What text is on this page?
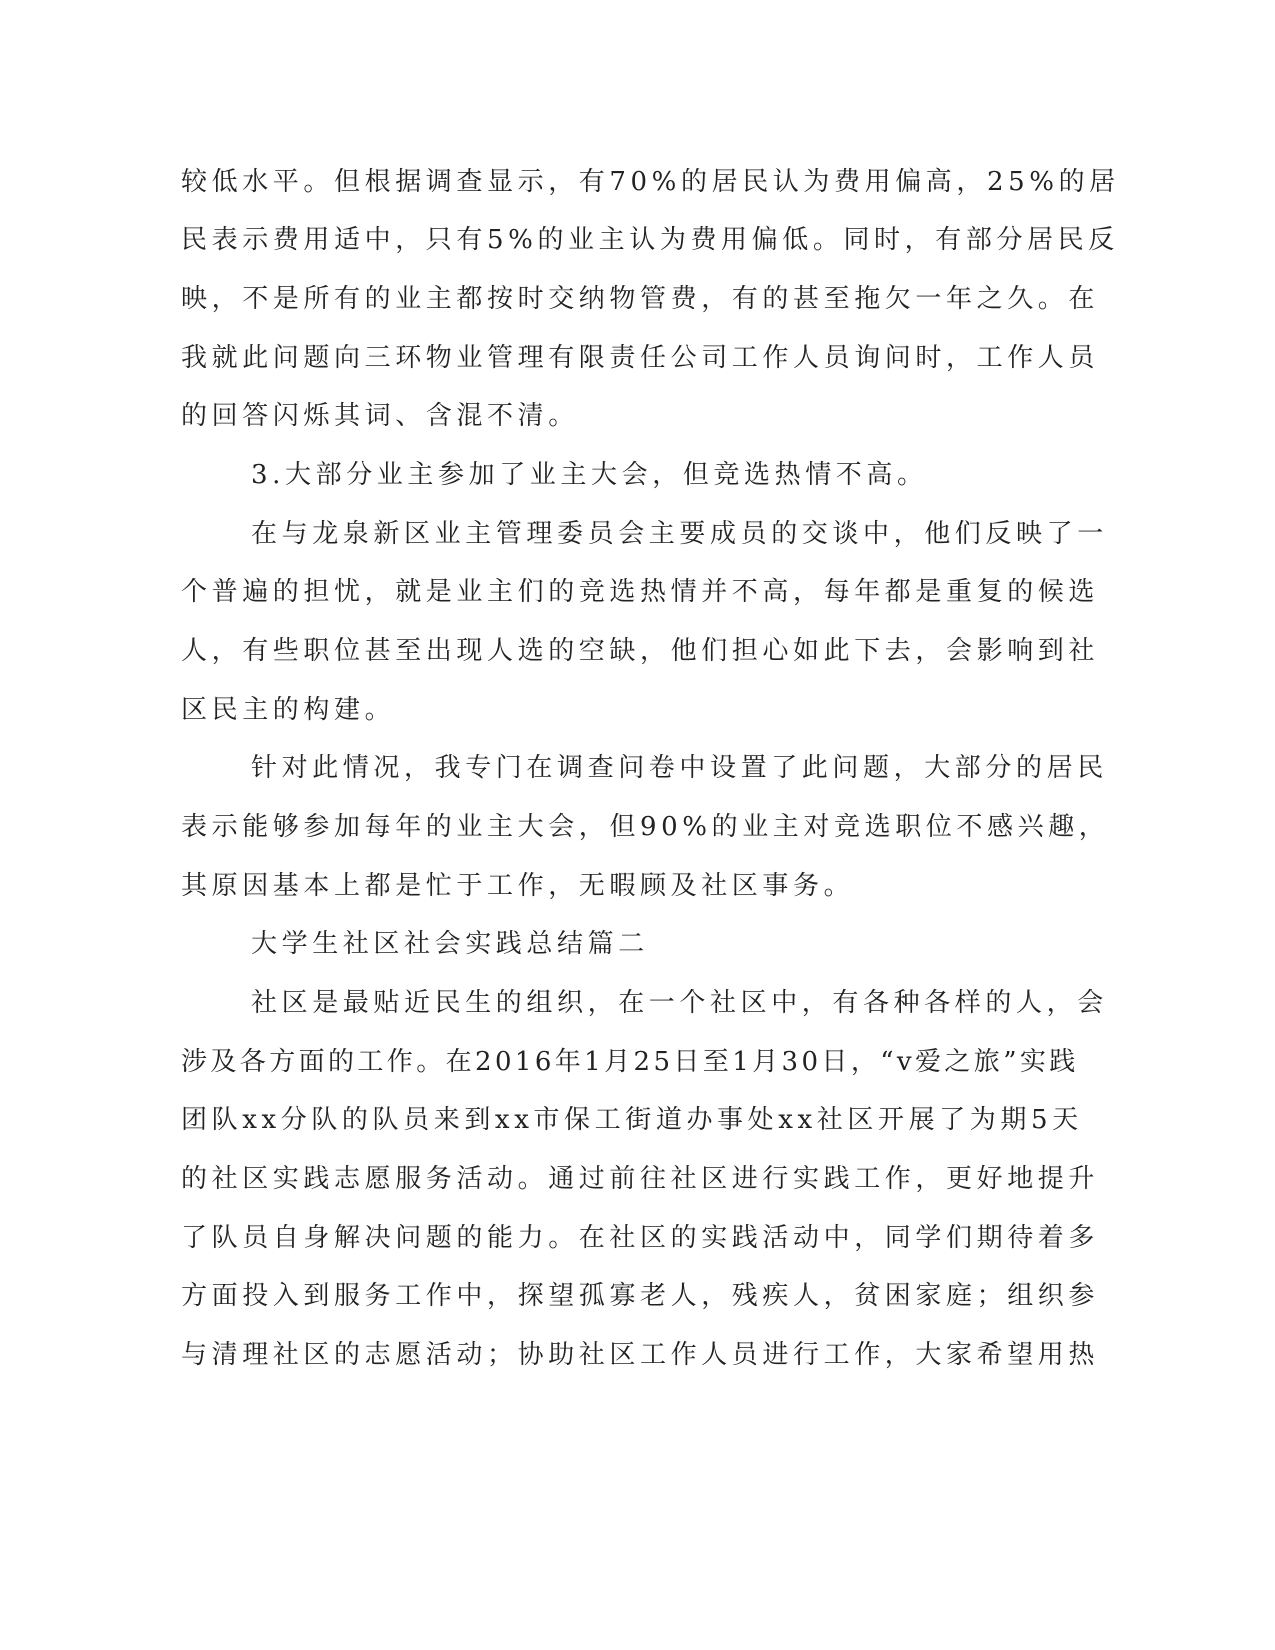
较低水平。但根据调查显示，有70%的居民认为费用偏高，25%的居
民表示费用适中，只有5%的业主认为费用偏低。同时，有部分居民反
映，不是所有的业主都按时交纳物管费，有的甚至拖欠一年之久。在
我就此问题向三环物业管理有限责任公司工作人员询问时，工作人员
的回答闪烁其词、含混不清。
3.大部分业主参加了业主大会，但竞选热情不高。
在与龙泉新区业主管理委员会主要成员的交谈中，他们反映了一
个普遍的担忧，就是业主们的竞选热情并不高，每年都是重复的候选
人，有些职位甚至出现人选的空缺，他们担心如此下去，会影响到社
区民主的构建。
针对此情况，我专门在调查问卷中设置了此问题，大部分的居民
表示能够参加每年的业主大会，但90%的业主对竞选职位不感兴趣，
其原因基本上都是忙于工作，无暇顾及社区事务。
大学生社区社会实践总结篇二
社区是最贴近民生的组织，在一个社区中，有各种各样的人，会
涉及各方面的工作。在2016年1月25日至1月30日，“v爱之旅”实践
团队xx分队的队员来到xx市保工街道办事处xx社区开展了为期5天
的社区实践志愿服务活动。通过前往社区进行实践工作，更好地提升
了队员自身解决问题的能力。在社区的实践活动中，同学们期待着多
方面投入到服务工作中，探望孤寡老人，残疾人，贫困家庭；组织参
与清理社区的志愿活动；协助社区工作人员进行工作，大家希望用热
